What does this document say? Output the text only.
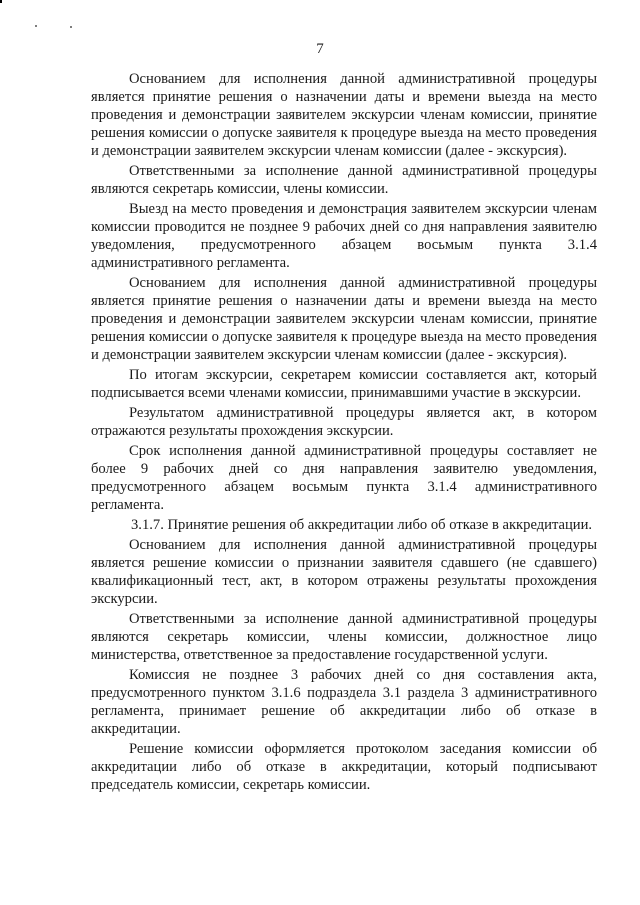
7

Основанием для исполнения данной административной процедуры является принятие решения о назначении даты и времени выезда на место проведения и демонстрации заявителем экскурсии членам комиссии, принятие решения комиссии о допуске заявителя к процедуре выезда на место проведения и демонстрации заявителем экскурсии членам комиссии (далее - экскурсия).

Ответственными за исполнение данной административной процедуры являются секретарь комиссии, члены комиссии.

Выезд на место проведения и демонстрация заявителем экскурсии членам комиссии проводится не позднее 9 рабочих дней со дня направления заявителю уведомления, предусмотренного абзацем восьмым пункта 3.1.4 административного регламента.

Основанием для исполнения данной административной процедуры является принятие решения о назначении даты и времени выезда на место проведения и демонстрации заявителем экскурсии членам комиссии, принятие решения комиссии о допуске заявителя к процедуре выезда на место проведения и демонстрации заявителем экскурсии членам комиссии (далее - экскурсия).

По итогам экскурсии, секретарем комиссии составляется акт, который подписывается всеми членами комиссии, принимавшими участие в экскурсии.

Результатом административной процедуры является акт, в котором отражаются результаты прохождения экскурсии.

Срок исполнения данной административной процедуры составляет не более 9 рабочих дней со дня направления заявителю уведомления, предусмотренного абзацем восьмым пункта 3.1.4 административного регламента.

3.1.7. Принятие решения об аккредитации либо об отказе в аккредитации.

Основанием для исполнения данной административной процедуры является решение комиссии о признании заявителя сдавшего (не сдавшего) квалификационный тест, акт, в котором отражены результаты прохождения экскурсии.

Ответственными за исполнение данной административной процедуры являются секретарь комиссии, члены комиссии, должностное лицо министерства, ответственное за предоставление государственной услуги.

Комиссия не позднее 3 рабочих дней со дня составления акта, предусмотренного пунктом 3.1.6 подраздела 3.1 раздела 3 административного регламента, принимает решение об аккредитации либо об отказе в аккредитации.

Решение комиссии оформляется протоколом заседания комиссии об аккредитации либо об отказе в аккредитации, который подписывают председатель комиссии, секретарь комиссии.
